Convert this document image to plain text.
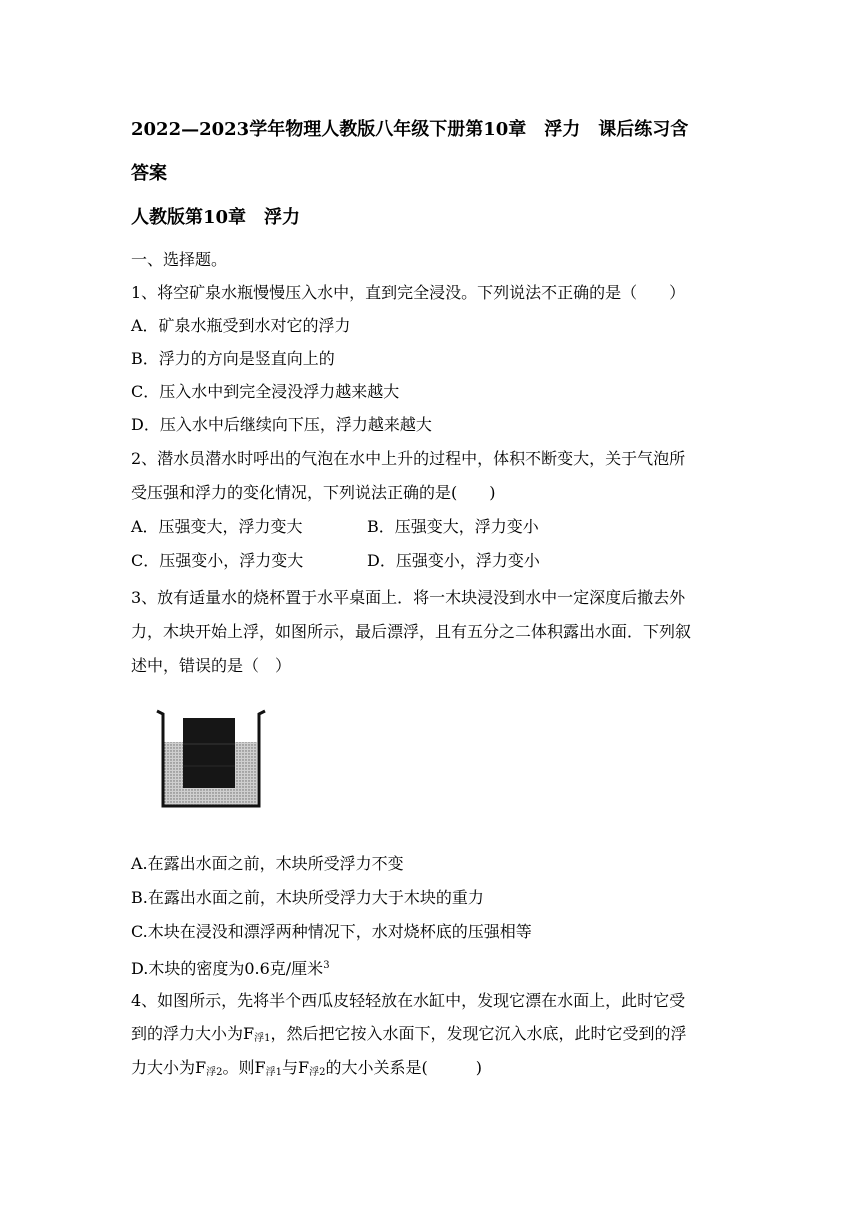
2022—2023学年物理人教版八年级下册第10章　浮力　课后练习含
答案
人教版第10章　浮力
一、选择题。
1、将空矿泉水瓶慢慢压入水中，直到完全浸没。下列说法不正确的是（　　）
A．矿泉水瓶受到水对它的浮力
B．浮力的方向是竖直向上的
C．压入水中到完全浸没浮力越来越大
D．压入水中后继续向下压，浮力越来越大
2、潜水员潜水时呼出的气泡在水中上升的过程中，体积不断变大，关于气泡所
受压强和浮力的变化情况，下列说法正确的是(　　)
A．压强变大，浮力变大	B．压强变大，浮力变小
C．压强变小，浮力变大	D．压强变小，浮力变小
3、放有适量水的烧杯置于水平桌面上．将一木块浸没到水中一定深度后撤去外
力，木块开始上浮，如图所示，最后漂浮，且有五分之二体积露出水面．下列叙
述中，错误的是（　）
A.在露出水面之前，木块所受浮力不变
B.在露出水面之前，木块所受浮力大于木块的重力
C.木块在浸没和漂浮两种情况下，水对烧杯底的压强相等
D.木块的密度为0.6克/厘米$^3$
4、如图所示，先将半个西瓜皮轻轻放在水缸中，发现它漂在水面上，此时它受
到的浮力大小为$F_{浮1}$，然后把它按入水面下，发现它沉入水底，此时它受到的浮
力大小为$F_{浮2}$。则$F_{浮1}$与$F_{浮2}$的大小关系是(　　　)
